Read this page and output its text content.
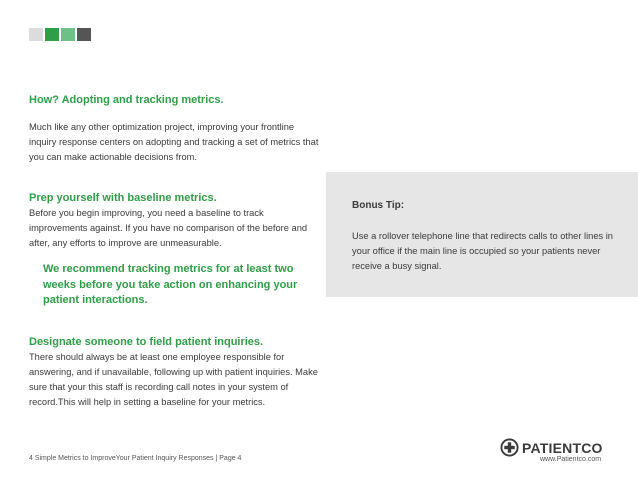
How? Adopting and tracking metrics.

Much like any other optimization project, improving your frontline inquiry response centers on adopting and tracking a set of metrics that you can make actionable decisions from.

Prep yourself with baseline metrics.

Before you begin improving, you need a baseline to track improvements against. If you have no comparison of the before and after, any efforts to improve are unmeasurable.

We recommend tracking metrics for at least two weeks before you take action on enhancing your patient interactions.

Designate someone to field patient inquiries.

There should always be at least one employee responsible for answering, and if unavailable, following up with patient inquiries. Make sure that your this staff is recording call notes in your system of record.This will help in setting a baseline for your metrics.

Bonus Tip:

Use a rollover telephone line that redirects calls to other lines in your office if the main line is occupied so your patients never receive a busy signal.

4 Simple Metrics to ImproveYour Patient Inquiry Responses | Page 4
PATIENTCO
www.Patientco.com
